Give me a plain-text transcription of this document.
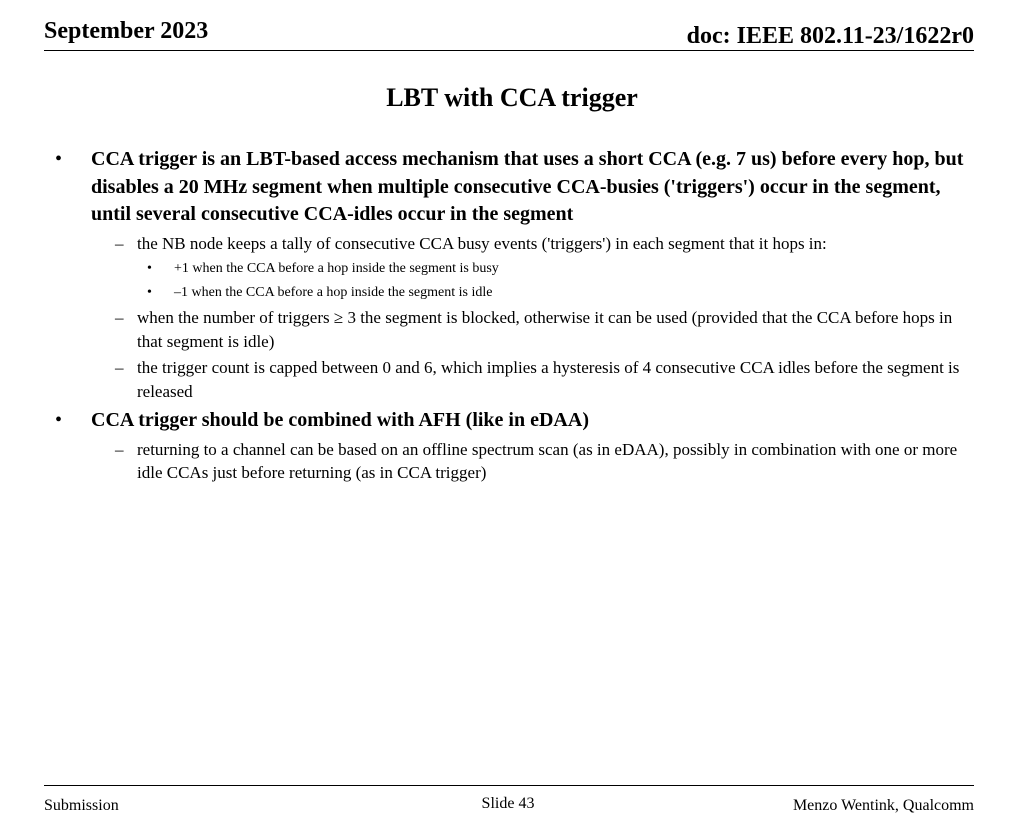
September 2023	doc: IEEE 802.11-23/1622r0
LBT with CCA trigger
• CCA trigger is an LBT-based access mechanism that uses a short CCA (e.g. 7 us) before every hop, but disables a 20 MHz segment when multiple consecutive CCA-busies ('triggers') occur in the segment, until several consecutive CCA-idles occur in the segment
– the NB node keeps a tally of consecutive CCA busy events ('triggers') in each segment that it hops in:
• +1 when the CCA before a hop inside the segment is busy
• –1 when the CCA before a hop inside the segment is idle
– when the number of triggers ≥ 3 the segment is blocked, otherwise it can be used (provided that the CCA before hops in that segment is idle)
– the trigger count is capped between 0 and 6, which implies a hysteresis of 4 consecutive CCA idles before the segment is released
• CCA trigger should be combined with AFH (like in eDAA)
– returning to a channel can be based on an offline spectrum scan (as in eDAA), possibly in combination with one or more idle CCAs just before returning (as in CCA trigger)
Submission	Slide 43	Menzo Wentink, Qualcomm
